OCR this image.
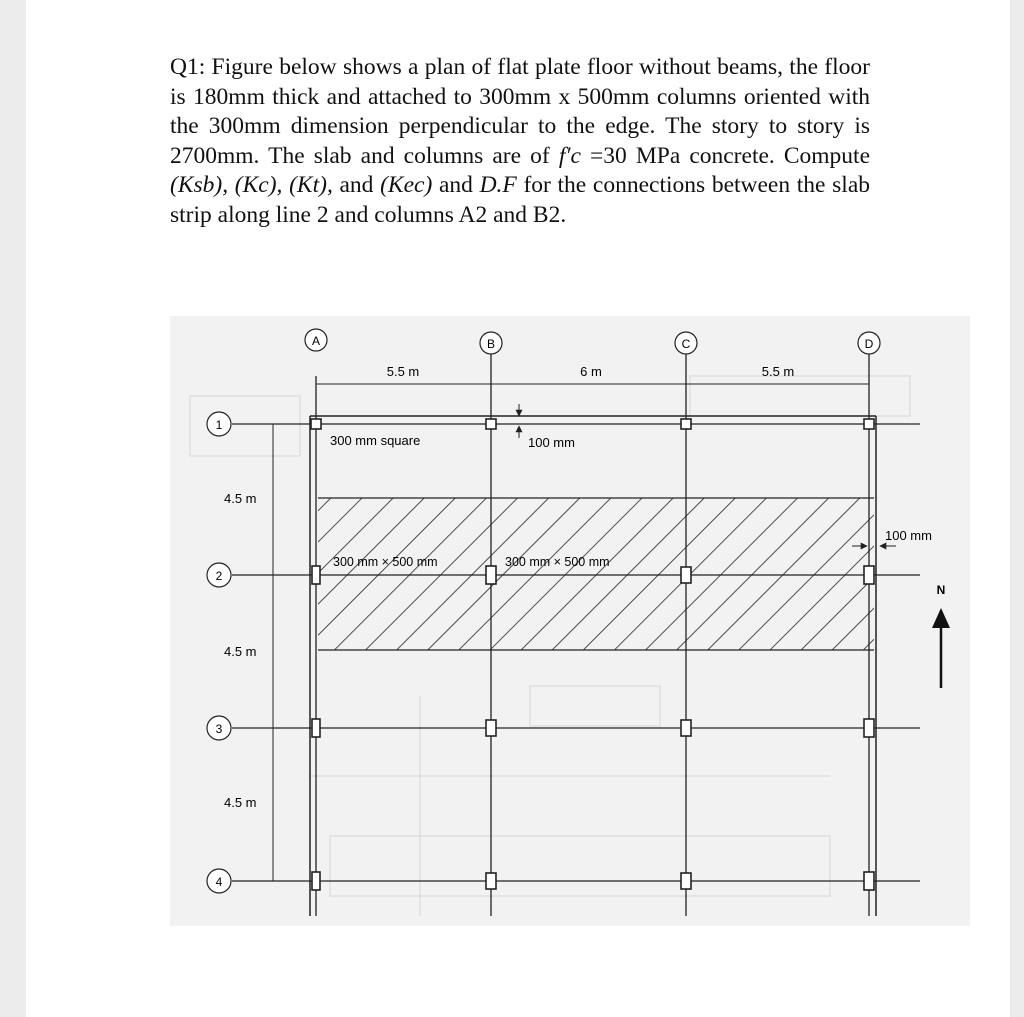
Q1: Figure below shows a plan of flat plate floor without beams, the floor is 180mm thick and attached to 300mm x 500mm columns oriented with the 300mm dimension perpendicular to the edge. The story to story is 2700mm. The slab and columns are of f′c =30 MPa concrete. Compute (Ksb), (Kc), (Kt), and (Kec) and D.F for the connections between the slab strip along line 2 and columns A2 and B2.
A	B	C	D
1
2
3
4
5.5 m	6 m	5.5 m
4.5 m
4.5 m
4.5 m
300 mm square	100 mm
300 mm × 500 mm	300 mm × 500 mm
100 mm
N
